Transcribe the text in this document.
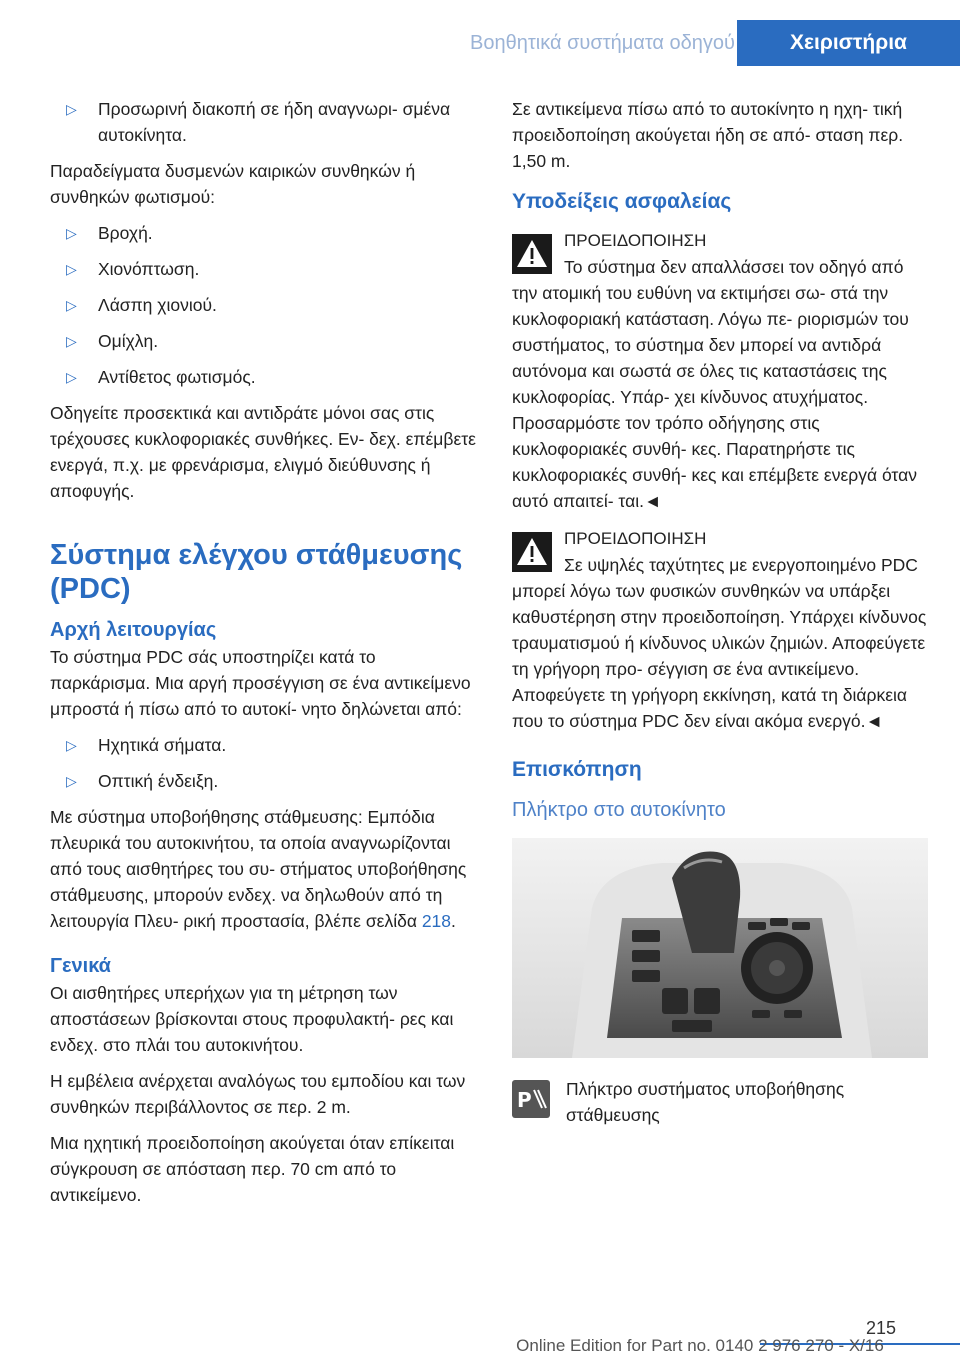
Βοηθητικά συστήματα οδηγού	Χειριστήρια
▷ Προσωρινή διακοπή σε ήδη αναγνωρι‐ σμένα αυτοκίνητα.

Παραδείγματα δυσμενών καιρικών συνθηκών ή συνθηκών φωτισμού:

▷ Βροχή.
▷ Χιονόπτωση.
▷ Λάσπη χιονιού.
▷ Ομίχλη.
▷ Αντίθετος φωτισμός.

Οδηγείτε προσεκτικά και αντιδράτε μόνοι σας στις τρέχουσες κυκλοφοριακές συνθήκες. Εν‐ δεχ. επέμβετε ενεργά, π.χ. με φρενάρισμα, ελιγμό διεύθυνσης ή αποφυγής.

Σύστημα ελέγχου στάθμευσης (PDC)
Αρχή λειτουργίας

Το σύστημα PDC σάς υποστηρίζει κατά το παρκάρισμα. Μια αργή προσέγγιση σε ένα αντικείμενο μπροστά ή πίσω από το αυτοκί‐ νητο δηλώνεται από:

▷ Ηχητικά σήματα.
▷ Οπτική ένδειξη.

Με σύστημα υποβοήθησης στάθμευσης: Εμπόδια πλευρικά του αυτοκινήτου, τα οποία αναγνωρίζονται από τους αισθητήρες του συ‐ στήματος υποβοήθησης στάθμευσης, μπορούν ενδεχ. να δηλωθούν από τη λειτουργία Πλευ‐ ρική προστασία, βλέπε σελίδα 218.

Γενικά

Οι αισθητήρες υπερήχων για τη μέτρηση των αποστάσεων βρίσκονται στους προφυλακτή‐ ρες και ενδεχ. στο πλάι του αυτοκινήτου.

Η εμβέλεια ανέρχεται αναλόγως του εμποδίου και των συνθηκών περιβάλλοντος σε περ. 2 m.

Μια ηχητική προειδοποίηση ακούγεται όταν επίκειται σύγκρουση σε απόσταση περ. 70 cm από το αντικείμενο.

Σε αντικείμενα πίσω από το αυτοκίνητο η ηχη‐ τική προειδοποίηση ακούγεται ήδη σε από‐ σταση περ. 1,50 m.

Υποδείξεις ασφαλείας
ΠΡΟΕΙΔΟΠΟΙΗΣΗ

Το σύστημα δεν απαλλάσσει τον οδηγό από την ατομική του ευθύνη να εκτιμήσει σω‐ στά την κυκλοφοριακή κατάσταση. Λόγω πε‐ ριορισμών του συστήματος, το σύστημα δεν μπορεί να αντιδρά αυτόνομα και σωστά σε όλες τις καταστάσεις της κυκλοφορίας. Υπάρ‐ χει κίνδυνος ατυχήματος. Προσαρμόστε τον τρόπο οδήγησης στις κυκλοφοριακές συνθή‐ κες. Παρατηρήστε τις κυκλοφοριακές συνθή‐ κες και επέμβετε ενεργά όταν αυτό απαιτεί‐ ται.◄

ΠΡΟΕΙΔΟΠΟΙΗΣΗ

Σε υψηλές ταχύτητες με ενεργοποιημένο PDC μπορεί λόγω των φυσικών συνθηκών να υπάρξει καθυστέρηση στην προειδοποίηση. Υπάρχει κίνδυνος τραυματισμού ή κίνδυνος υλικών ζημιών. Αποφεύγετε τη γρήγορη προ‐ σέγγιση σε ένα αντικείμενο. Αποφεύγετε τη γρήγορη εκκίνηση, κατά τη διάρκεια που το σύστημα PDC δεν είναι ακόμα ενεργό.◄

Επισκόπηση
Πλήκτρο στο αυτοκίνητο
P Πλήκτρο συστήματος υποβοήθησης στάθμευσης
215
Online Edition for Part no. 0140 2 976 270 - X/16
